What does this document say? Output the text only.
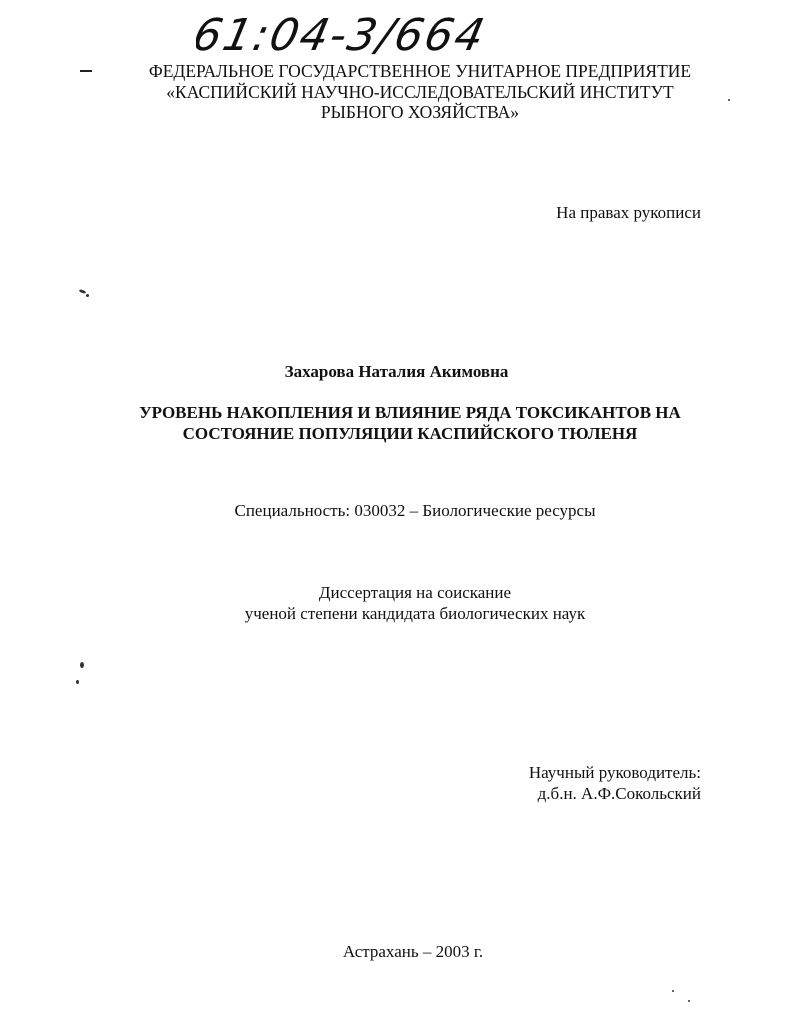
61:04-3/664
ФЕДЕРАЛЬНОЕ ГОСУДАРСТВЕННОЕ УНИТАРНОЕ ПРЕДПРИЯТИЕ
«КАСПИЙСКИЙ НАУЧНО-ИССЛЕДОВАТЕЛЬСКИЙ ИНСТИТУТ
РЫБНОГО ХОЗЯЙСТВА»
На правах рукописи
Захарова Наталия Акимовна
УРОВЕНЬ НАКОПЛЕНИЯ И ВЛИЯНИЕ РЯДА ТОКСИКАНТОВ НА
СОСТОЯНИЕ ПОПУЛЯЦИИ КАСПИЙСКОГО ТЮЛЕНЯ
Специальность: 030032 – Биологические ресурсы
Диссертация на соискание
ученой степени кандидата биологических наук
Научный руководитель:
д.б.н. А.Ф.Сокольский
Астрахань – 2003 г.
